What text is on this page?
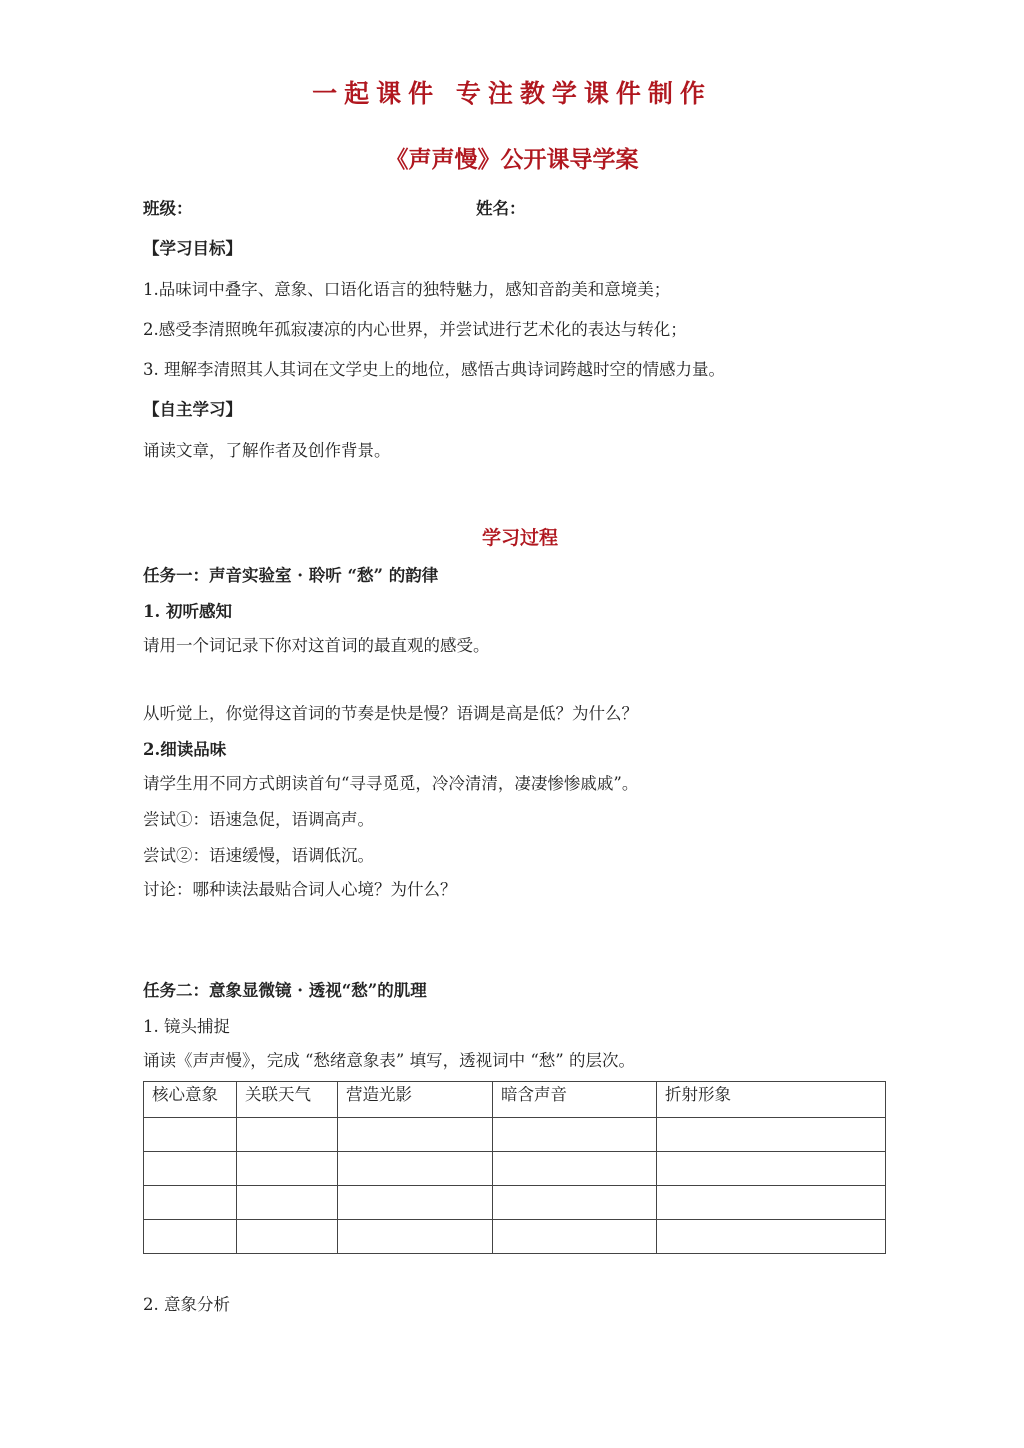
一起课件 专注教学课件制作
《声声慢》公开课导学案
班级：	姓名：
【学习目标】
1.品味词中叠字、意象、口语化语言的独特魅力，感知音韵美和意境美；
2.感受李清照晚年孤寂凄凉的内心世界，并尝试进行艺术化的表达与转化；
3. 理解李清照其人其词在文学史上的地位，感悟古典诗词跨越时空的情感力量。
【自主学习】
诵读文章，了解作者及创作背景。
学习过程
任务一：声音实验室 · 聆听 “愁” 的韵律
1. 初听感知
请用一个词记录下你对这首词的最直观的感受。
从听觉上，你觉得这首词的节奏是快是慢？语调是高是低？为什么？
2.细读品味
请学生用不同方式朗读首句“寻寻觅觅，冷冷清清，凄凄惨惨戚戚”。
尝试①：语速急促，语调高声。
尝试②：语速缓慢，语调低沉。
讨论：哪种读法最贴合词人心境？为什么？
任务二：意象显微镜 · 透视“愁”的肌理
1. 镜头捕捉
诵读《声声慢》，完成 “愁绪意象表” 填写，透视词中 “愁” 的层次。
核心意象	关联天气	营造光影	暗含声音	折射形象

2. 意象分析
